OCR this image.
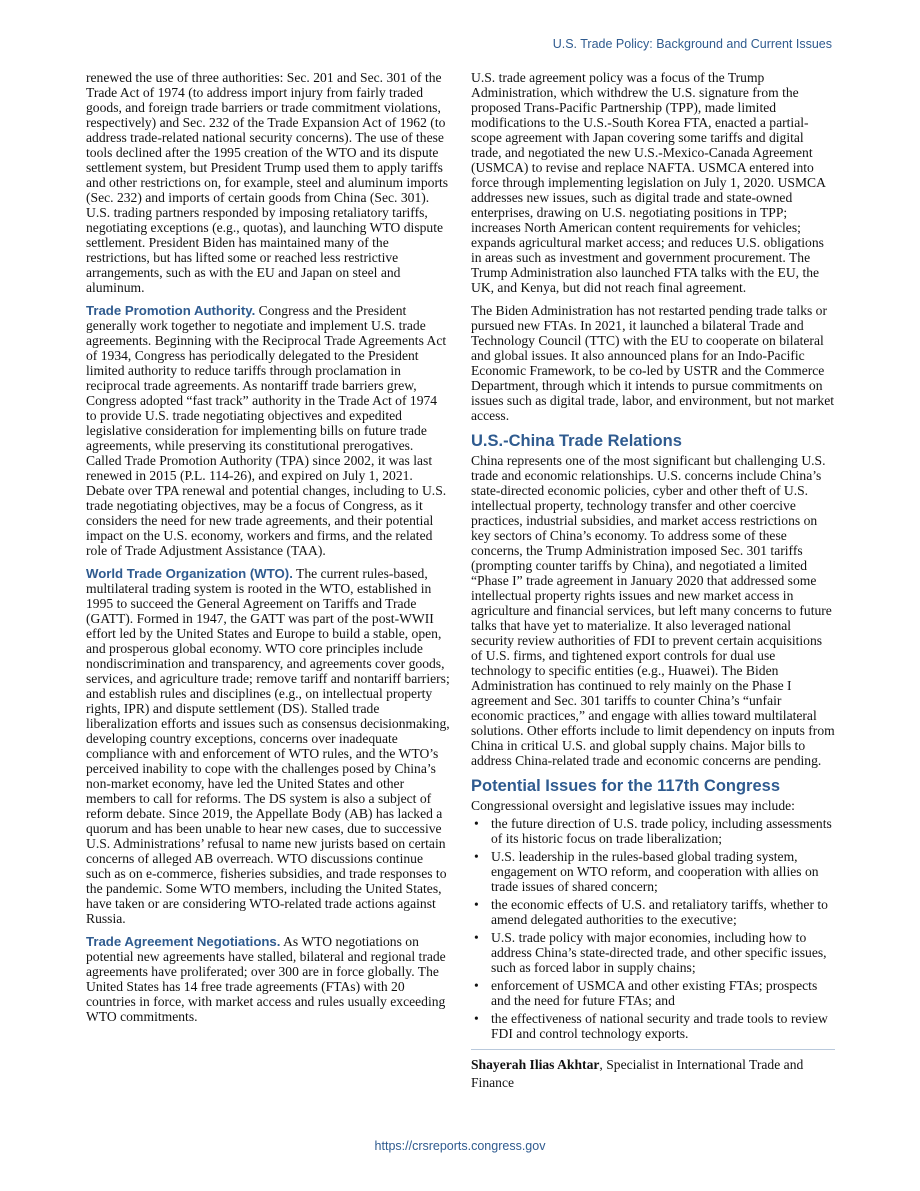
U.S. Trade Policy: Background and Current Issues

renewed the use of three authorities: Sec. 201 and Sec. 301 of the Trade Act of 1974 (to address import injury from fairly traded goods, and foreign trade barriers or trade commitment violations, respectively) and Sec. 232 of the Trade Expansion Act of 1962 (to address trade-related national security concerns). The use of these tools declined after the 1995 creation of the WTO and its dispute settlement system, but President Trump used them to apply tariffs and other restrictions on, for example, steel and aluminum imports (Sec. 232) and imports of certain goods from China (Sec. 301). U.S. trading partners responded by imposing retaliatory tariffs, negotiating exceptions (e.g., quotas), and launching WTO dispute settlement. President Biden has maintained many of the restrictions, but has lifted some or reached less restrictive arrangements, such as with the EU and Japan on steel and aluminum.

Trade Promotion Authority. Congress and the President generally work together to negotiate and implement U.S. trade agreements. Beginning with the Reciprocal Trade Agreements Act of 1934, Congress has periodically delegated to the President limited authority to reduce tariffs through proclamation in reciprocal trade agreements. As nontariff trade barriers grew, Congress adopted “fast track” authority in the Trade Act of 1974 to provide U.S. trade negotiating objectives and expedited legislative consideration for implementing bills on future trade agreements, while preserving its constitutional prerogatives. Called Trade Promotion Authority (TPA) since 2002, it was last renewed in 2015 (P.L. 114-26), and expired on July 1, 2021. Debate over TPA renewal and potential changes, including to U.S. trade negotiating objectives, may be a focus of Congress, as it considers the need for new trade agreements, and their potential impact on the U.S. economy, workers and firms, and the related role of Trade Adjustment Assistance (TAA).

World Trade Organization (WTO). The current rules-based, multilateral trading system is rooted in the WTO, established in 1995 to succeed the General Agreement on Tariffs and Trade (GATT). Formed in 1947, the GATT was part of the post-WWII effort led by the United States and Europe to build a stable, open, and prosperous global economy. WTO core principles include nondiscrimination and transparency, and agreements cover goods, services, and agriculture trade; remove tariff and nontariff barriers; and establish rules and disciplines (e.g., on intellectual property rights, IPR) and dispute settlement (DS). Stalled trade liberalization efforts and issues such as consensus decisionmaking, developing country exceptions, concerns over inadequate compliance with and enforcement of WTO rules, and the WTO’s perceived inability to cope with the challenges posed by China’s non-market economy, have led the United States and other members to call for reforms. The DS system is also a subject of reform debate. Since 2019, the Appellate Body (AB) has lacked a quorum and has been unable to hear new cases, due to successive U.S. Administrations’ refusal to name new jurists based on certain concerns of alleged AB overreach. WTO discussions continue such as on e-commerce, fisheries subsidies, and trade responses to the pandemic. Some WTO members, including the United States, have taken or are considering WTO-related trade actions against Russia.

Trade Agreement Negotiations. As WTO negotiations on potential new agreements have stalled, bilateral and regional trade agreements have proliferated; over 300 are in force globally. The United States has 14 free trade agreements (FTAs) with 20 countries in force, with market access and rules usually exceeding WTO commitments.

U.S. trade agreement policy was a focus of the Trump Administration, which withdrew the U.S. signature from the proposed Trans-Pacific Partnership (TPP), made limited modifications to the U.S.-South Korea FTA, enacted a partial-scope agreement with Japan covering some tariffs and digital trade, and negotiated the new U.S.-Mexico-Canada Agreement (USMCA) to revise and replace NAFTA. USMCA entered into force through implementing legislation on July 1, 2020. USMCA addresses new issues, such as digital trade and state-owned enterprises, drawing on U.S. negotiating positions in TPP; increases North American content requirements for vehicles; expands agricultural market access; and reduces U.S. obligations in areas such as investment and government procurement. The Trump Administration also launched FTA talks with the EU, the UK, and Kenya, but did not reach final agreement.

The Biden Administration has not restarted pending trade talks or pursued new FTAs. In 2021, it launched a bilateral Trade and Technology Council (TTC) with the EU to cooperate on bilateral and global issues. It also announced plans for an Indo-Pacific Economic Framework, to be co-led by USTR and the Commerce Department, through which it intends to pursue commitments on issues such as digital trade, labor, and environment, but not market access.

U.S.-China Trade Relations

China represents one of the most significant but challenging U.S. trade and economic relationships. U.S. concerns include China’s state-directed economic policies, cyber and other theft of U.S. intellectual property, technology transfer and other coercive practices, industrial subsidies, and market access restrictions on key sectors of China’s economy. To address some of these concerns, the Trump Administration imposed Sec. 301 tariffs (prompting counter tariffs by China), and negotiated a limited “Phase I” trade agreement in January 2020 that addressed some intellectual property rights issues and new market access in agriculture and financial services, but left many concerns to future talks that have yet to materialize. It also leveraged national security review authorities of FDI to prevent certain acquisitions of U.S. firms, and tightened export controls for dual use technology to specific entities (e.g., Huawei). The Biden Administration has continued to rely mainly on the Phase I agreement and Sec. 301 tariffs to counter China’s “unfair economic practices,” and engage with allies toward multilateral solutions. Other efforts include to limit dependency on inputs from China in critical U.S. and global supply chains. Major bills to address China-related trade and economic concerns are pending.

Potential Issues for the 117th Congress

Congressional oversight and legislative issues may include:

• the future direction of U.S. trade policy, including assessments of its historic focus on trade liberalization;
• U.S. leadership in the rules-based global trading system, engagement on WTO reform, and cooperation with allies on trade issues of shared concern;
• the economic effects of U.S. and retaliatory tariffs, whether to amend delegated authorities to the executive;
• U.S. trade policy with major economies, including how to address China’s state-directed trade, and other specific issues, such as forced labor in supply chains;
• enforcement of USMCA and other existing FTAs; prospects and the need for future FTAs; and
• the effectiveness of national security and trade tools to review FDI and control technology exports.
Shayerah Ilias Akhtar, Specialist in International Trade and Finance
https://crsreports.congress.gov
